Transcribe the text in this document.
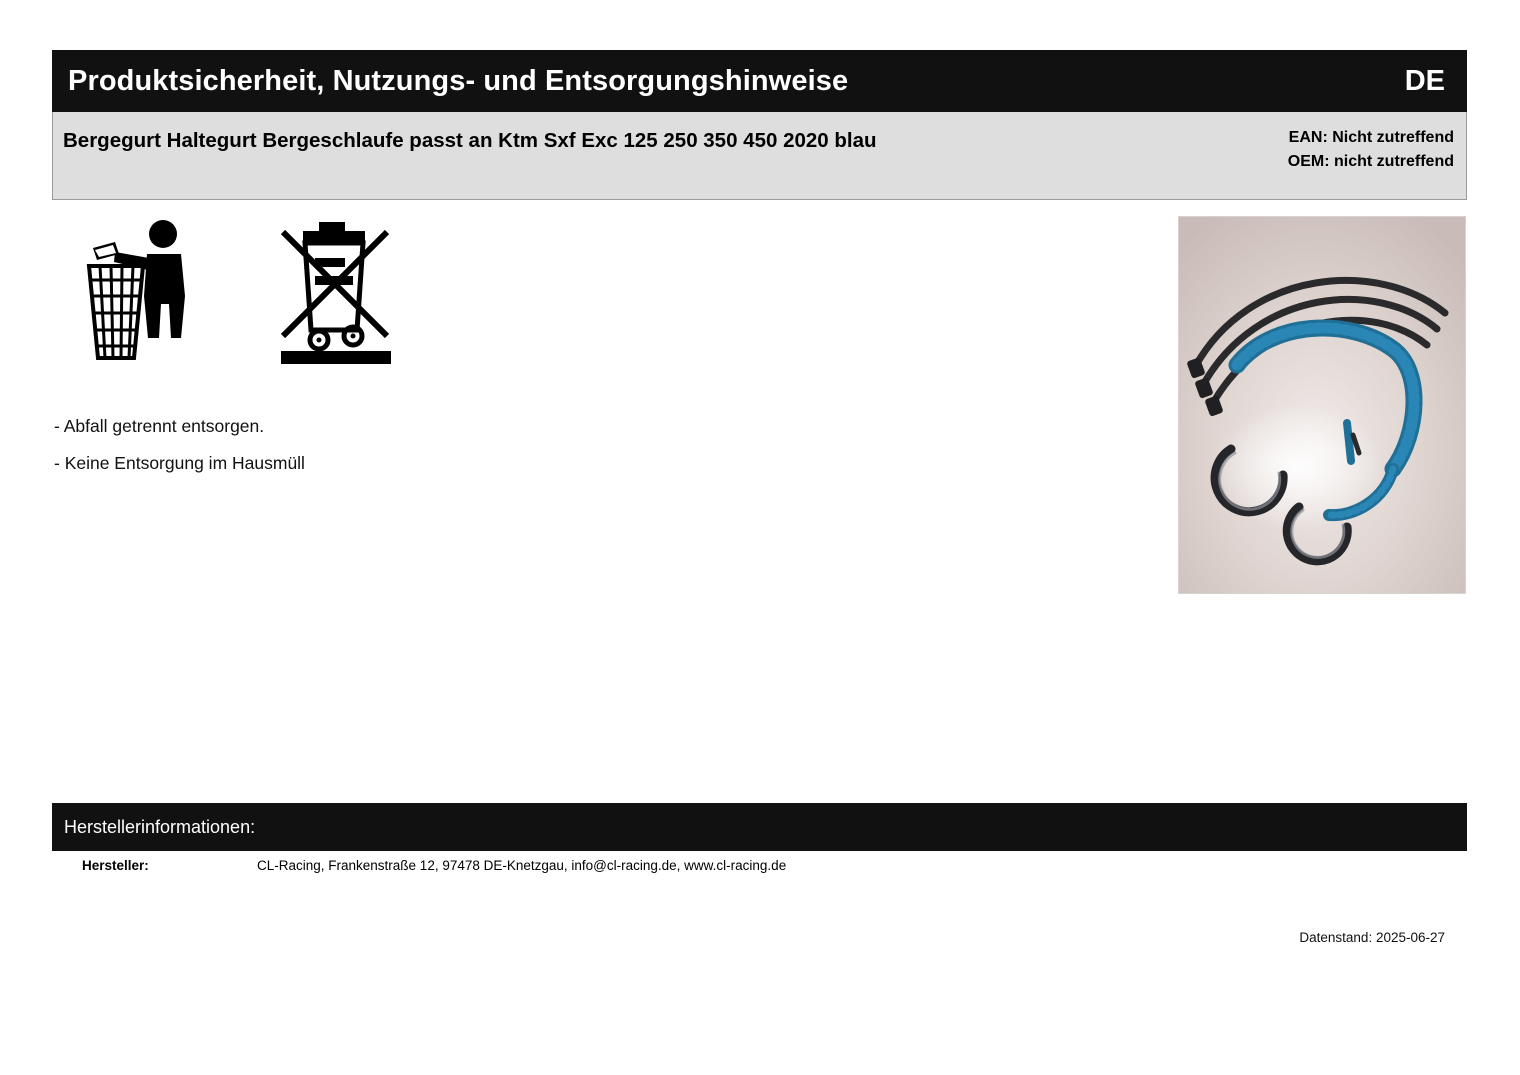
Produktsicherheit, Nutzungs- und Entsorgungshinweise	DE
Bergegurt Haltegurt Bergeschlaufe passt an Ktm Sxf Exc 125 250 350 450 2020 blau	EAN: Nicht zutreffend
OEM: nicht zutreffend
- Abfall getrennt entsorgen.
- Keine Entsorgung im Hausmüll
Herstellerinformationen:
Hersteller:	CL-Racing, Frankenstraße 12, 97478 DE-Knetzgau, info@cl-racing.de, www.cl-racing.de
Datenstand: 2025-06-27
